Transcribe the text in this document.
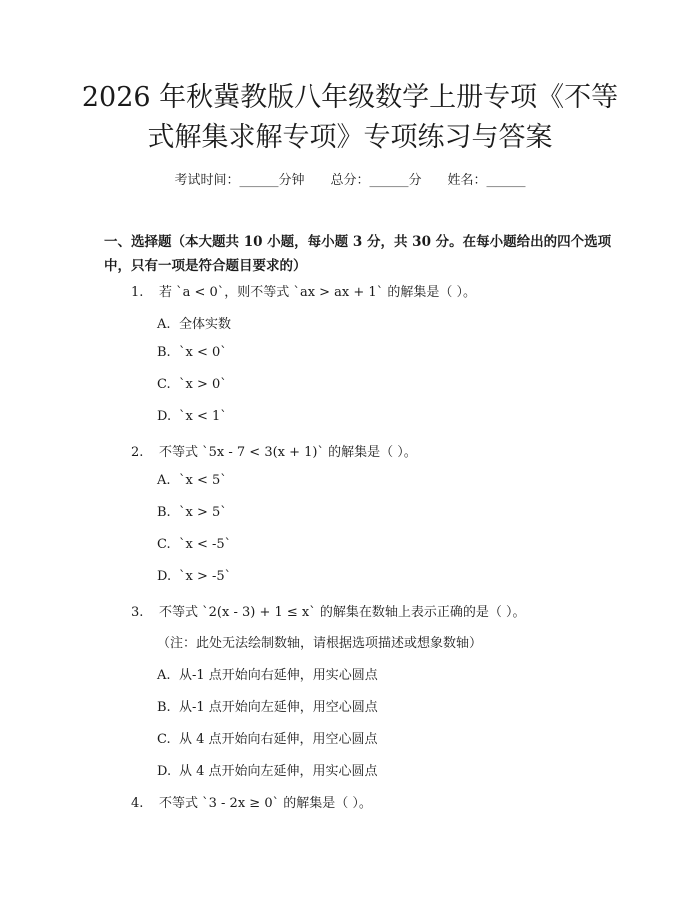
2026 年秋冀教版八年级数学上册专项《不等
式解集求解专项》专项练习与答案
考试时间：______分钟 总分：______分 姓名：______

一、选择题（本大题共 10 小题，每小题 3 分，共 30 分。在每小题给出的四个选项中，只有一项是符合题目要求的）

1. 若 `a < 0`，则不等式 `ax > ax + 1` 的解集是（ ）。
A. 全体实数
B. `x < 0`
C. `x > 0`
D. `x < 1`
2. 不等式 `5x - 7 < 3(x + 1)` 的解集是（ ）。
A. `x < 5`
B. `x > 5`
C. `x < -5`
D. `x > -5`
3. 不等式 `2(x - 3) + 1 ≤ x` 的解集在数轴上表示正确的是（ ）。
（注：此处无法绘制数轴，请根据选项描述或想象数轴）
A. 从-1 点开始向右延伸，用实心圆点
B. 从-1 点开始向左延伸，用空心圆点
C. 从 4 点开始向右延伸，用空心圆点
D. 从 4 点开始向左延伸，用实心圆点
4. 不等式 `3 - 2x ≥ 0` 的解集是（ ）。
